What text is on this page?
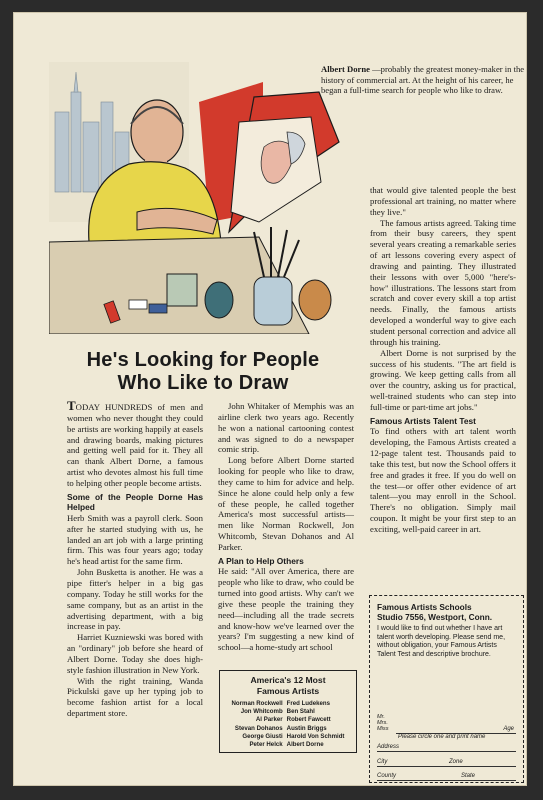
Albert Dorne —probably the greatest money-maker in the history of commercial art. At the height of his career, he began a full-time search for people who like to draw.
He's Looking for People
Who Like to Draw

TODAY HUNDREDS of men and women who never thought they could be artists are working happily at easels and drawing boards, making pictures and getting well paid for it. They all can thank Albert Dorne, a famous artist who devotes almost his full time to helping other people become artists.

Some of the People Dorne Has Helped

Herb Smith was a payroll clerk. Soon after he started studying with us, he landed an art job with a large printing firm. This was four years ago; today he's head artist for the same firm.

John Busketta is another. He was a pipe fitter's helper in a big gas company. Today he still works for the same company, but as an artist in the advertising department, with a big increase in pay.

Harriet Kuzniewski was bored with an "ordinary" job before she heard of Albert Dorne. Today she does high-style fashion illustration in New York.

With the right training, Wanda Pickulski gave up her typing job to become fashion artist for a local department store.

John Whitaker of Memphis was an airline clerk two years ago. Recently he won a national cartooning contest and was signed to do a newspaper comic strip.

Long before Albert Dorne started looking for people who like to draw, they came to him for advice and help. Since he alone could help only a few of these people, he called together America's most successful artists—men like Norman Rockwell, Jon Whitcomb, Stevan Dohanos and Al Parker.

A Plan to Help Others

He said: "All over America, there are people who like to draw, who could be turned into good artists. Why can't we give these people the training they need—including all the trade secrets and know-how we've learned over the years? I'm suggesting a new kind of school—a home-study art school

America's 12 Most
Famous Artists
Norman Rockwell	Fred Ludekens
Jon Whitcomb	Ben Stahl
Al Parker	Robert Fawcett
Stevan Dohanos	Austin Briggs
George Giusti	Harold Von Schmidt
Peter Helck	Albert Dorne

that would give talented people the best professional art training, no matter where they live."

The famous artists agreed. Taking time from their busy careers, they spent several years creating a remarkable series of art lessons covering every aspect of drawing and painting. They illustrated their lessons with over 5,000 "here's-how" illustrations. The lessons start from scratch and cover every skill a top artist needs. Finally, the famous artists developed a wonderful way to give each student personal correction and advice all through his training.

Albert Dorne is not surprised by the success of his students. "The art field is growing. We keep getting calls from all over the country, asking us for practical, well-trained students who can step into full-time or part-time art jobs."

Famous Artists Talent Test

To find others with art talent worth developing, the Famous Artists created a 12-page talent test. Thousands paid to take this test, but now the School offers it free and grades it free. If you do well on the test—or offer other evidence of art talent—you may enroll in the School. There's no obligation. Simply mail coupon. It might be your first step to an exciting, well-paid career in art.

Famous Artists Schools
Studio 7556, Westport, Conn.
I would like to find out whether I have art talent worth developing. Please send me, without obligation, your Famous Artists Talent Test and descriptive brochure.
Mr.
Mrs.
Miss
Please circle one and print name
Age
Address
City	Zone
County	State
